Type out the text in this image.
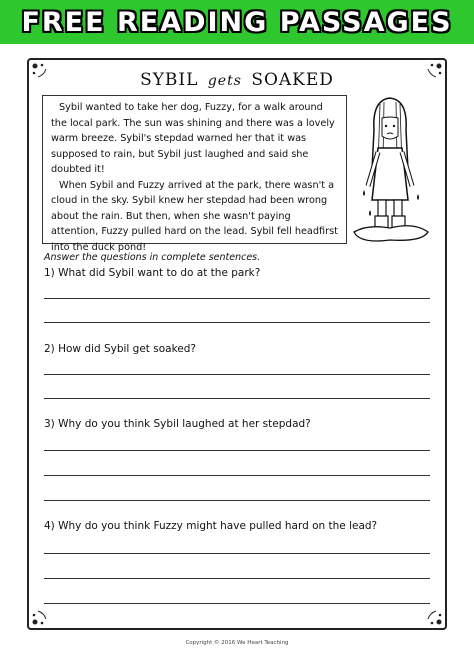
FREE READING PASSAGES
SYBIL gets SOAKED

Sybil wanted to take her dog, Fuzzy, for a walk around the local park. The sun was shining and there was a lovely warm breeze. Sybil's stepdad warned her that it was supposed to rain, but Sybil just laughed and said she doubted it!

When Sybil and Fuzzy arrived at the park, there wasn't a cloud in the sky. Sybil knew her stepdad had been wrong about the rain. But then, when she wasn't paying attention, Fuzzy pulled hard on the lead. Sybil fell headfirst into the duck pond!

Answer the questions in complete sentences.
1) What did Sybil want to do at the park?
2) How did Sybil get soaked?
3) Why do you think Sybil laughed at her stepdad?
4) Why do you think Fuzzy might have pulled hard on the lead?
Copyright © 2016 We Heart Teaching
